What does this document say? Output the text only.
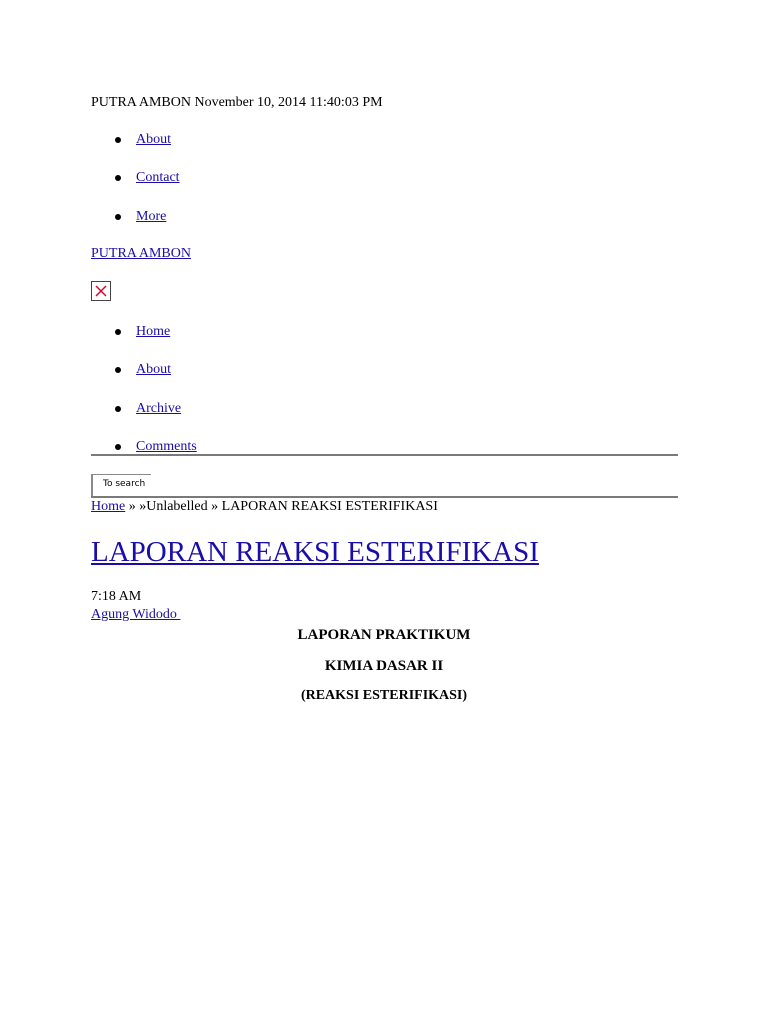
PUTRA AMBON November 10, 2014 11:40:03 PM
About
Contact
More
PUTRA AMBON
Home
About
Archive
Comments
To search
Home » »Unlabelled » LAPORAN REAKSI ESTERIFIKASI
LAPORAN REAKSI ESTERIFIKASI
7:18 AM
Agung Widodo
LAPORAN PRAKTIKUM
KIMIA DASAR II
(REAKSI ESTERIFIKASI)
